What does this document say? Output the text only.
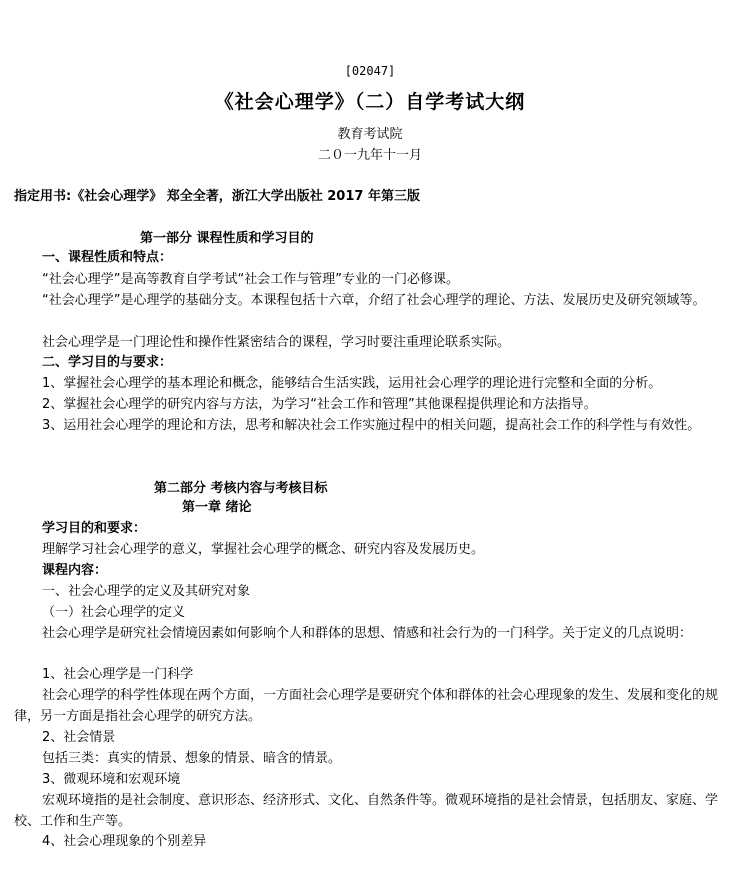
[02047]
《社会心理学》（二）自学考试大纲
教育考试院
二０一九年十一月
指定用书:《社会心理学》 郑全全著，浙江大学出版社 2017 年第三版
第一部分 课程性质和学习目的
一、课程性质和特点：
“社会心理学”是高等教育自学考试“社会工作与管理”专业的一门必修课。
“社会心理学”是心理学的基础分支。本课程包括十六章，介绍了社会心理学的理论、方法、发展历史及研究领域等。
社会心理学是一门理论性和操作性紧密结合的课程，学习时要注重理论联系实际。
二、学习目的与要求：
1、掌握社会心理学的基本理论和概念，能够结合生活实践，运用社会心理学的理论进行完整和全面的分析。
2、掌握社会心理学的研究内容与方法，为学习“社会工作和管理”其他课程提供理论和方法指导。
3、运用社会心理学的理论和方法，思考和解决社会工作实施过程中的相关问题，提高社会工作的科学性与有效性。
第二部分 考核内容与考核目标
第一章 绪论
学习目的和要求：
理解学习社会心理学的意义，掌握社会心理学的概念、研究内容及发展历史。
课程内容：
一、社会心理学的定义及其研究对象
（一）社会心理学的定义
社会心理学是研究社会情境因素如何影响个人和群体的思想、情感和社会行为的一门科学。关于定义的几点说明：
1、社会心理学是一门科学
社会心理学的科学性体现在两个方面，一方面社会心理学是要研究个体和群体的社会心理现象的发生、发展和变化的规律，另一方面是指社会心理学的研究方法。
2、社会情景
包括三类：真实的情景、想象的情景、暗含的情景。
3、微观环境和宏观环境
宏观环境指的是社会制度、意识形态、经济形式、文化、自然条件等。微观环境指的是社会情景，包括朋友、家庭、学校、工作和生产等。
4、社会心理现象的个别差异
